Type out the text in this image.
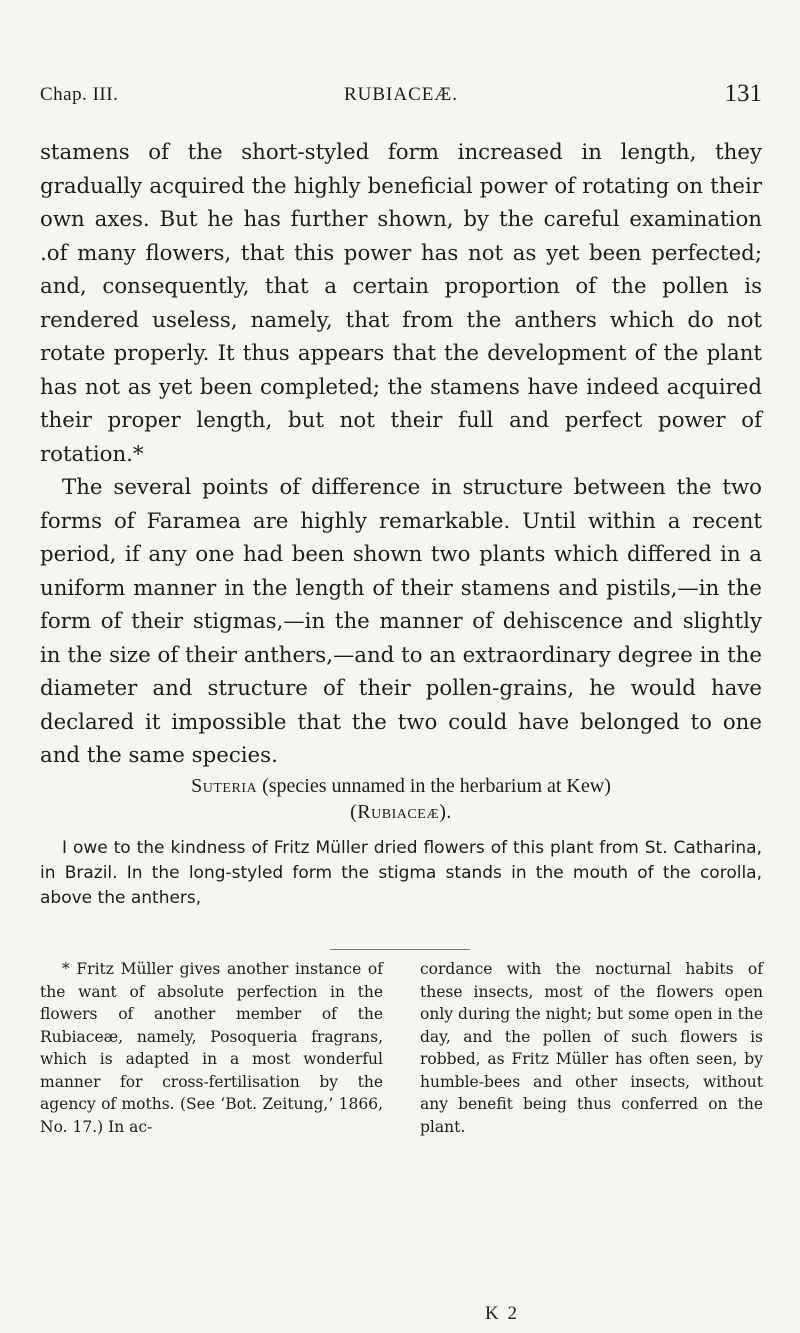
Chap. III.	RUBIACEÆ.	131

stamens of the short-styled form increased in length, they gradually acquired the highly beneficial power of rotating on their own axes. But he has further shown, by the careful examination .of many flowers, that this power has not as yet been perfected; and, consequently, that a certain proportion of the pollen is rendered useless, namely, that from the anthers which do not rotate properly. It thus appears that the development of the plant has not as yet been completed; the stamens have indeed acquired their proper length, but not their full and perfect power of rotation.*

The several points of difference in structure between the two forms of Faramea are highly remarkable. Until within a recent period, if any one had been shown two plants which differed in a uniform manner in the length of their stamens and pistils,—in the form of their stigmas,—in the manner of dehiscence and slightly in the size of their anthers,—and to an extraordinary degree in the diameter and structure of their pollen-grains, he would have declared it impossible that the two could have belonged to one and the same species.

Suteria (species unnamed in the herbarium at Kew)
(Rubiaceæ).

I owe to the kindness of Fritz Müller dried flowers of this plant from St. Catharina, in Brazil. In the long-styled form the stigma stands in the mouth of the corolla, above the anthers,

* Fritz Müller gives another instance of the want of absolute perfection in the flowers of another member of the Rubiaceæ, namely, Posoqueria fragrans, which is adapted in a most wonderful manner for cross-fertilisation by the agency of moths. (See ‘Bot. Zeitung,’ 1866, No. 17.) In ac-

cordance with the nocturnal habits of these insects, most of the flowers open only during the night; but some open in the day, and the pollen of such flowers is robbed, as Fritz Müller has often seen, by humble-bees and other insects, without any benefit being thus conferred on the plant.

K 2
